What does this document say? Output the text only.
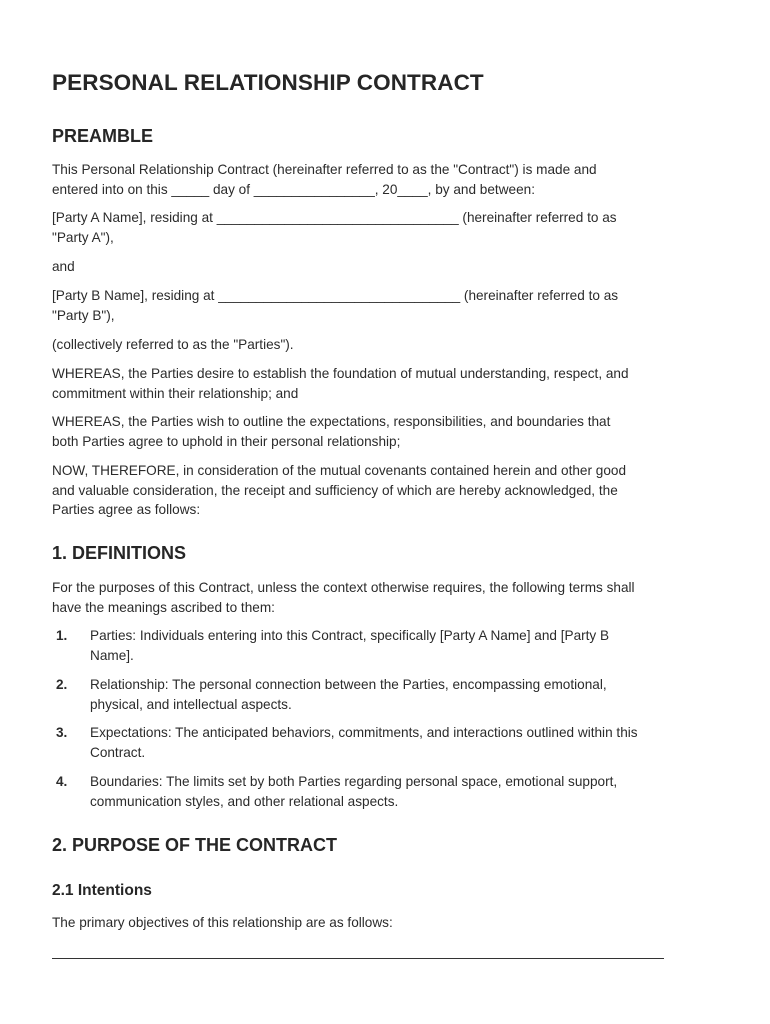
PERSONAL RELATIONSHIP CONTRACT
PREAMBLE

This Personal Relationship Contract (hereinafter referred to as the "Contract") is made and
entered into on this _____ day of ________________, 20____, by and between:

[Party A Name], residing at ________________________________ (hereinafter referred to as
"Party A"),

and

[Party B Name], residing at ________________________________ (hereinafter referred to as
"Party B"),

(collectively referred to as the "Parties").

WHEREAS, the Parties desire to establish the foundation of mutual understanding, respect, and
commitment within their relationship; and

WHEREAS, the Parties wish to outline the expectations, responsibilities, and boundaries that
both Parties agree to uphold in their personal relationship;

NOW, THEREFORE, in consideration of the mutual covenants contained herein and other good
and valuable consideration, the receipt and sufficiency of which are hereby acknowledged, the
Parties agree as follows:

1. DEFINITIONS

For the purposes of this Contract, unless the context otherwise requires, the following terms shall
have the meanings ascribed to them:

1. Parties: Individuals entering into this Contract, specifically [Party A Name] and [Party B
Name].
2. Relationship: The personal connection between the Parties, encompassing emotional,
physical, and intellectual aspects.
3. Expectations: The anticipated behaviors, commitments, and interactions outlined within this
Contract.
4. Boundaries: The limits set by both Parties regarding personal space, emotional support,
communication styles, and other relational aspects.
2. PURPOSE OF THE CONTRACT
2.1 Intentions

The primary objectives of this relationship are as follows:
